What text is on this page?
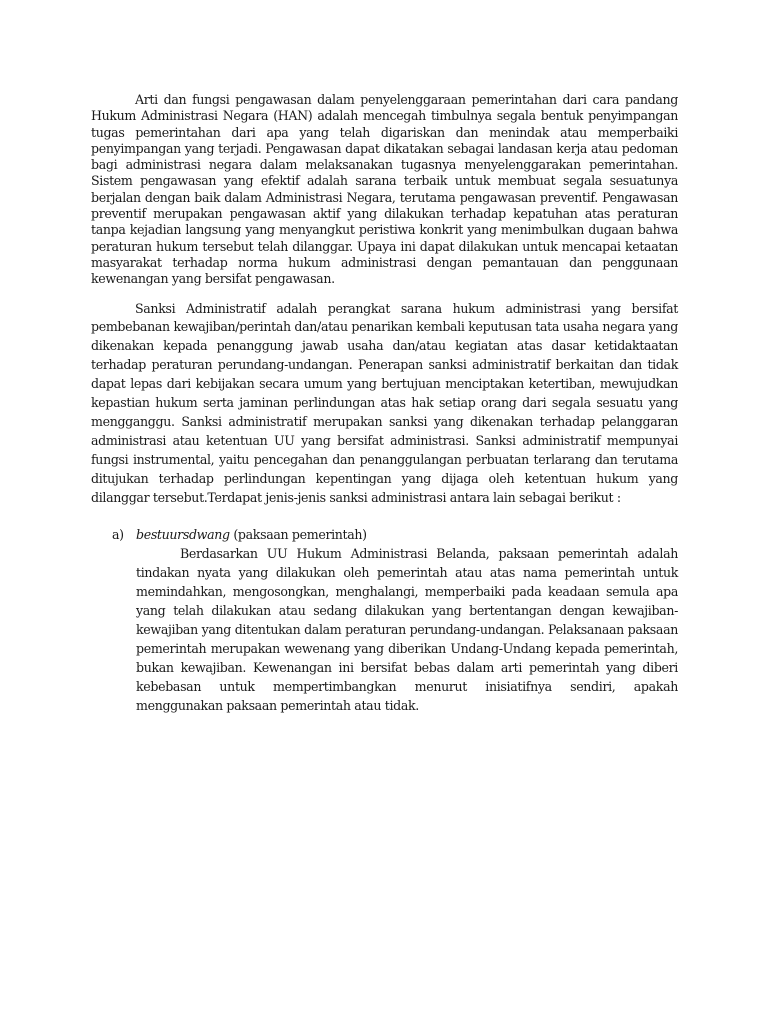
Arti dan fungsi pengawasan dalam penyelenggaraan pemerintahan dari cara pandang Hukum Administrasi Negara (HAN) adalah mencegah timbulnya segala bentuk penyimpangan tugas pemerintahan dari apa yang telah digariskan dan menindak atau memperbaiki penyimpangan yang terjadi. Pengawasan dapat dikatakan sebagai landasan kerja atau pedoman bagi administrasi negara dalam melaksanakan tugasnya menyelenggarakan pemerintahan. Sistem pengawasan yang efektif adalah sarana terbaik untuk membuat segala sesuatunya berjalan dengan baik dalam Administrasi Negara, terutama pengawasan preventif. Pengawasan preventif merupakan pengawasan aktif yang dilakukan terhadap kepatuhan atas peraturan tanpa kejadian langsung yang menyangkut peristiwa konkrit yang menimbulkan dugaan bahwa peraturan hukum tersebut telah dilanggar. Upaya ini dapat dilakukan untuk mencapai ketaatan masyarakat terhadap norma hukum administrasi dengan pemantauan dan penggunaan kewenangan yang bersifat pengawasan.

Sanksi Administratif adalah perangkat sarana hukum administrasi yang bersifat pembebanan kewajiban/perintah dan/atau penarikan kembali keputusan tata usaha negara yang dikenakan kepada penanggung jawab usaha dan/atau kegiatan atas dasar ketidaktaatan terhadap peraturan perundang-undangan. Penerapan sanksi administratif berkaitan dan tidak dapat lepas dari kebijakan secara umum yang bertujuan menciptakan ketertiban, mewujudkan kepastian hukum serta jaminan perlindungan atas hak setiap orang dari segala sesuatu yang mengganggu. Sanksi administratif merupakan sanksi yang dikenakan terhadap pelanggaran administrasi atau ketentuan UU yang bersifat administrasi. Sanksi administratif mempunyai fungsi instrumental, yaitu pencegahan dan penanggulangan perbuatan terlarang dan terutama ditujukan terhadap perlindungan kepentingan yang dijaga oleh ketentuan hukum yang dilanggar tersebut.Terdapat jenis-jenis sanksi administrasi antara lain sebagai berikut :

a) bestuursdwang (paksaan pemerintah)

Berdasarkan UU Hukum Administrasi Belanda, paksaan pemerintah adalah tindakan nyata yang dilakukan oleh pemerintah atau atas nama pemerintah untuk memindahkan, mengosongkan, menghalangi, memperbaiki pada keadaan semula apa yang telah dilakukan atau sedang dilakukan yang bertentangan dengan kewajiban-kewajiban yang ditentukan dalam peraturan perundang-undangan. Pelaksanaan paksaan pemerintah merupakan wewenang yang diberikan Undang-Undang kepada pemerintah, bukan kewajiban. Kewenangan ini bersifat bebas dalam arti pemerintah yang diberi kebebasan untuk mempertimbangkan menurut inisiatifnya sendiri, apakah menggunakan paksaan pemerintah atau tidak.
